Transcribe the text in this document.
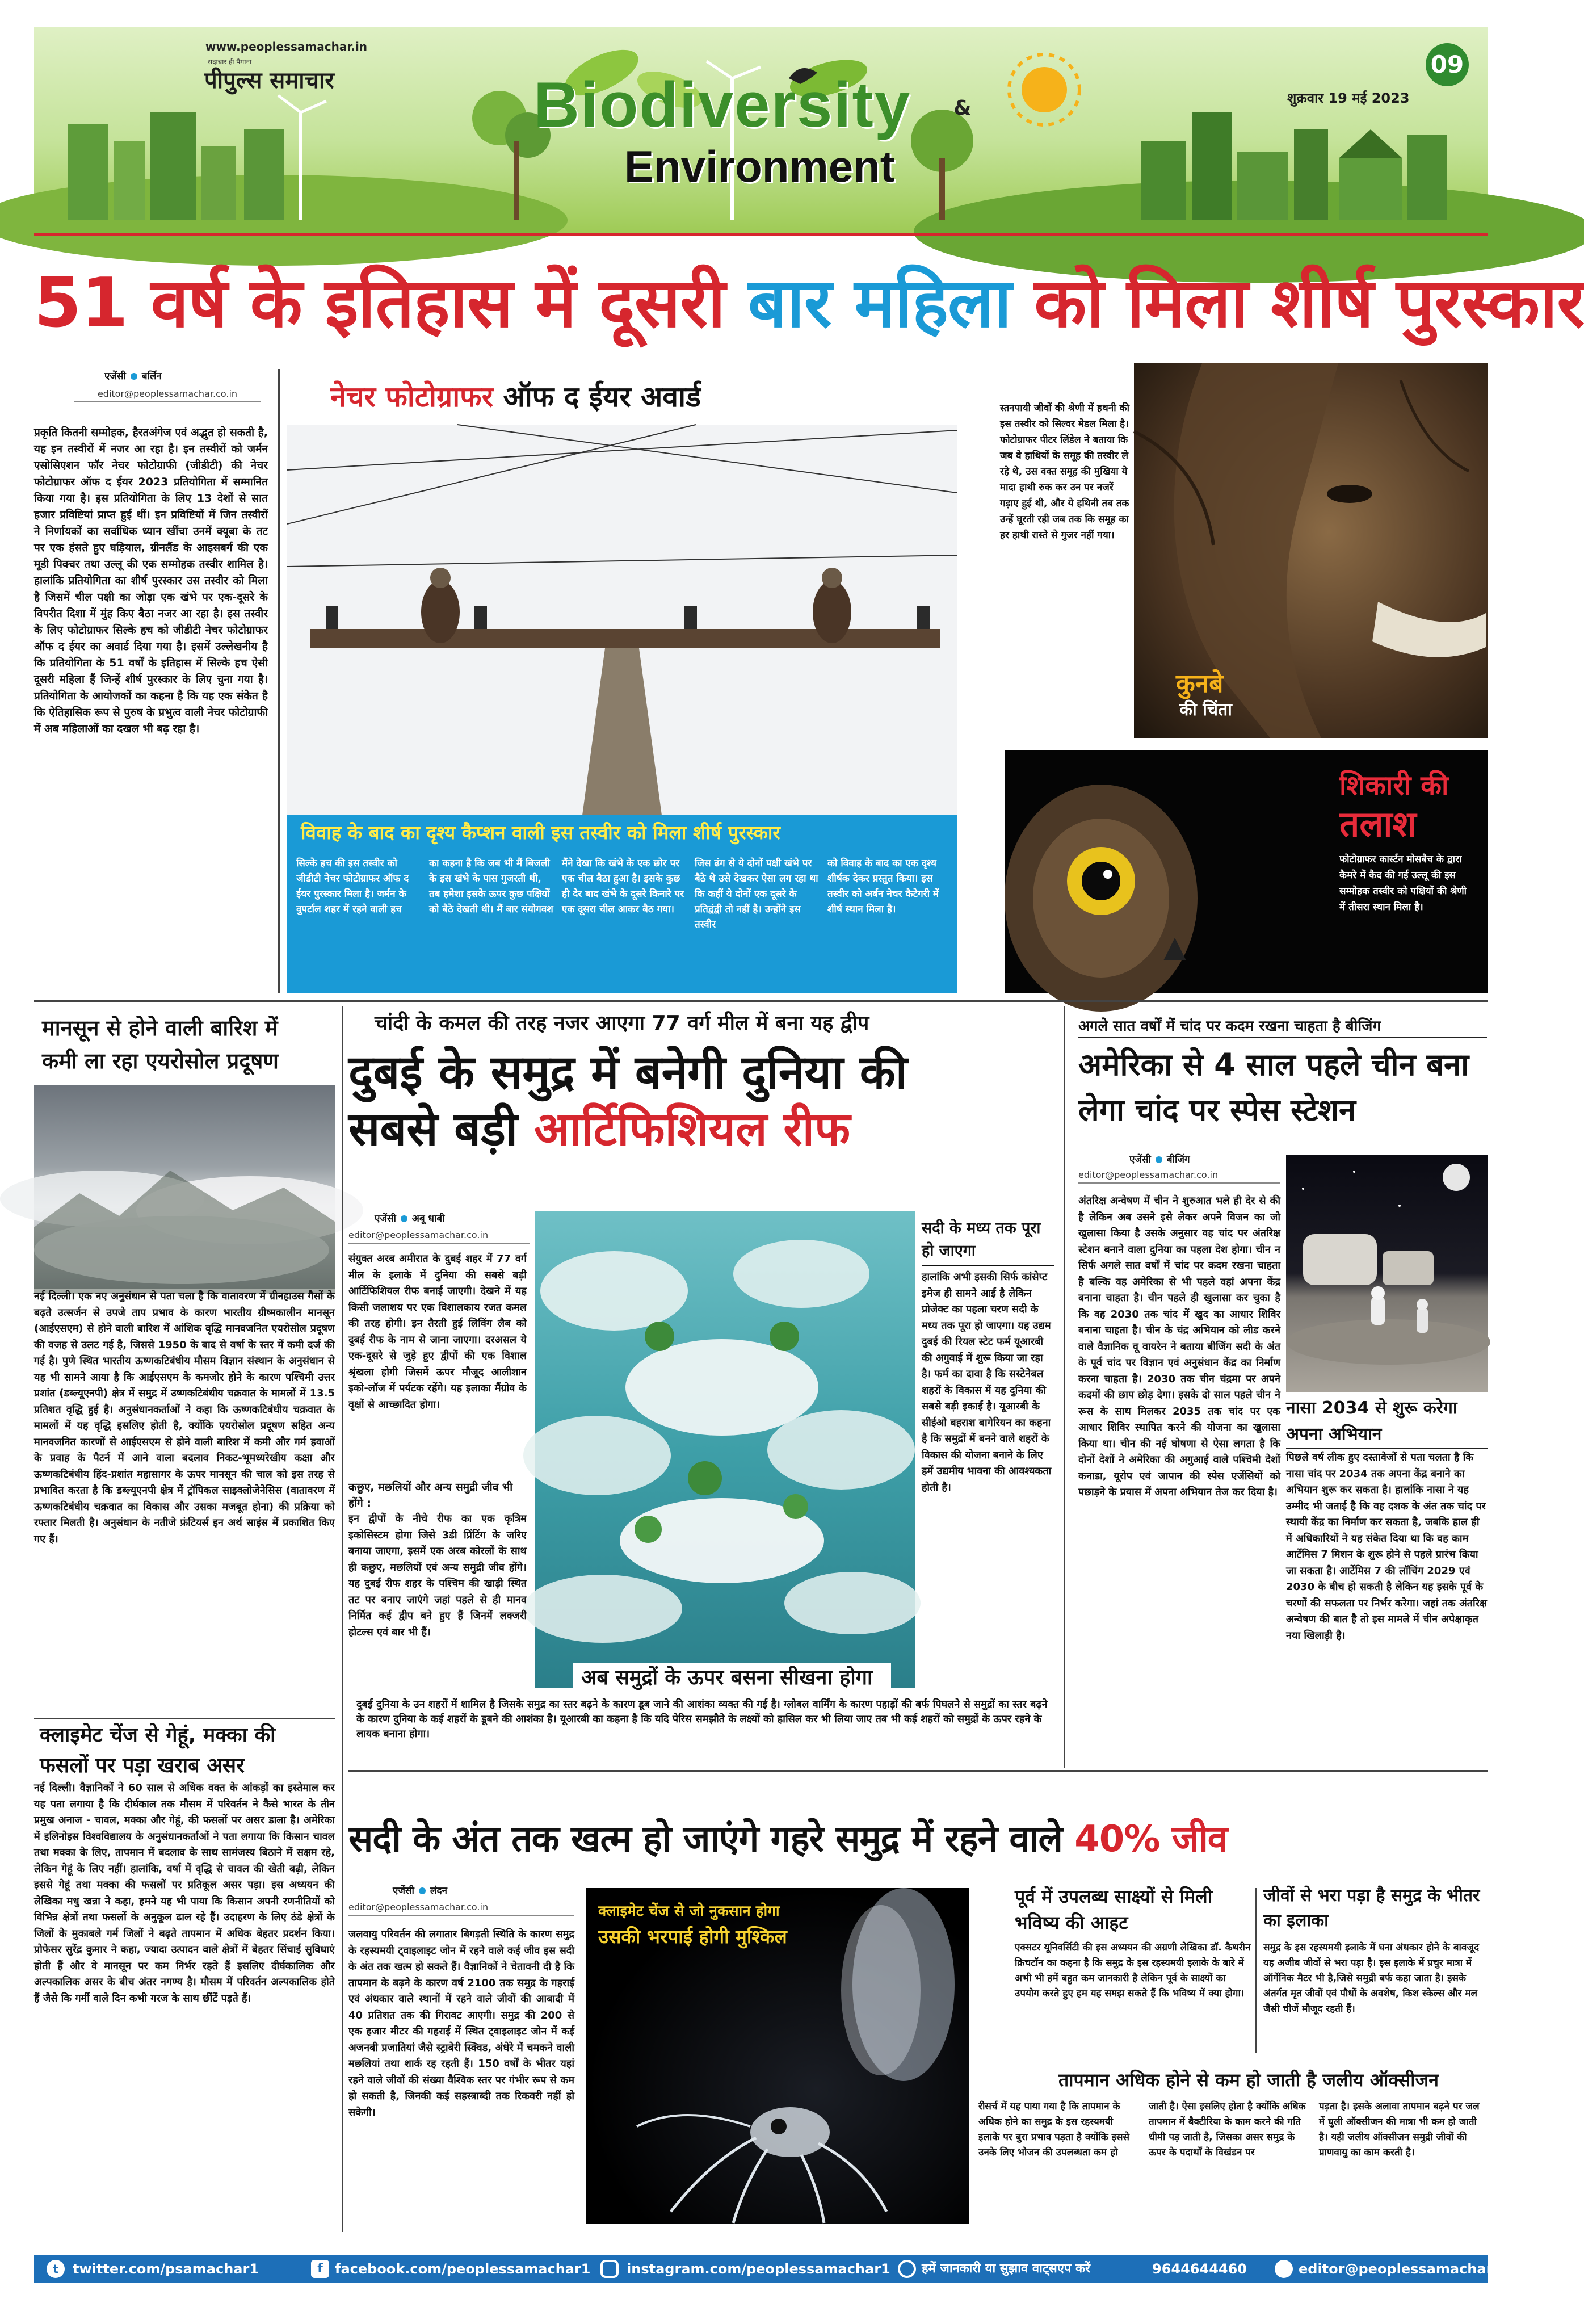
www.peoplessamachar.in
सदाचार ही पैमाना
पीपुल्स समाचार	Biodiversity &
Environment
09
शुक्रवार 19 मई 2023
51 वर्ष के इतिहास में दूसरी बार महिला को मिला शीर्ष पुरस्कार
एजेंसी बर्लिन
editor@peoplessamachar.co.in
प्रकृति कितनी सम्मोहक, हैरतअंगेज एवं अद्भुत हो सकती है, यह इन तस्वीरों में नजर आ रहा है। इन तस्वीरों को जर्मन एसोसिएशन फॉर नेचर फोटोग्राफी (जीडीटी) की नेचर फोटोग्राफर ऑफ द ईयर 2023 प्रतियोगिता में सम्मानित किया गया है। इस प्रतियोगिता के लिए 13 देशों से सात हजार प्रविष्टियां प्राप्त हुई थीं। इन प्रविष्टियों में जिन तस्वीरों ने निर्णायकों का सर्वाधिक ध्यान खींचा उनमें क्यूबा के तट पर एक हंसते हुए घड़ियाल, ग्रीनलैंड के आइसबर्ग की एक मूडी पिक्चर तथा उल्लू की एक सम्मोहक तस्वीर शामिल है। हालांकि प्रतियोगिता का शीर्ष पुरस्कार उस तस्वीर को मिला है जिसमें चील पक्षी का जोड़ा एक खंभे पर एक-दूसरे के विपरीत दिशा में मुंह किए बैठा नजर आ रहा है। इस तस्वीर के लिए फोटोग्राफर सिल्के हच को जीडीटी नेचर फोटोग्राफर ऑफ द ईयर का अवार्ड दिया गया है। इसमें उल्लेखनीय है कि प्रतियोगिता के 51 वर्षों के इतिहास में सिल्के हच ऐसी दूसरी महिला हैं जिन्हें शीर्ष पुरस्कार के लिए चुना गया है। प्रतियोगिता के आयोजकों का कहना है कि यह एक संकेत है कि ऐतिहासिक रूप से पुरुष के प्रभुत्व वाली नेचर फोटोग्राफी में अब महिलाओं का दखल भी बढ़ रहा है।
नेचर फोटोग्राफर ऑफ द ईयर अवार्ड
विवाह के बाद का दृश्य कैप्शन वाली इस तस्वीर को मिला शीर्ष पुरस्कार
सिल्के हच की इस तस्वीर को जीडीटी नेचर फोटोग्राफर ऑफ द ईयर पुरस्कार मिला है। जर्मन के वुपर्टाल शहर में रहने वाली हच
का कहना है कि जब भी मैं बिजली के इस खंभे के पास गुजरती थी, तब हमेशा इसके ऊपर कुछ पक्षियों को बैठे देखती थी। मैं बार संयोगवश
मैंने देखा कि खंभे के एक छोर पर एक चील बैठा हुआ है। इसके कुछ ही देर बाद खंभे के दूसरे किनारे पर एक दूसरा चील आकर बैठ गया।
जिस ढंग से ये दोनों पक्षी खंभे पर बैठे थे उसे देखकर ऐसा लग रहा था कि कहीं ये दोनों एक दूसरे के प्रतिद्वंद्वी तो नहीं है। उन्होंने इस तस्वीर
को विवाह के बाद का एक दृश्य शीर्षक देकर प्रस्तुत किया। इस तस्वीर को अर्बन नेचर कैटेगरी में शीर्ष स्थान मिला है।
स्तनपायी जीवों की श्रेणी में हथनी की इस तस्वीर को सिल्वर मेडल मिला है। फोटोग्राफर पीटर लिंडेल ने बताया कि जब वे हाथियों के समूह की तस्वीर ले रहे थे, उस वक्त समूह की मुखिया ये मादा हाथी रुक कर उन पर नजरें गड़ाए हुई थी, और ये हथिनी तब तक उन्हें घूरती रही जब तक कि समूह का हर हाथी रास्ते से गुजर नहीं गया।
कुनबे
की चिंता
शिकारी की
तलाश
फोटोग्राफर कार्स्टन मोसबैच के द्वारा कैमरे में कैद की गई उल्लू की इस सम्मोहक तस्वीर को पक्षियों की श्रेणी में तीसरा स्थान मिला है।
मानसून से होने वाली बारिश में कमी ला रहा एयरोसोल प्रदूषण
नई दिल्ली। एक नए अनुसंधान से पता चला है कि वातावरण में ग्रीनहाउस गैसों के बढ़ते उत्सर्जन से उपजे ताप प्रभाव के कारण भारतीय ग्रीष्मकालीन मानसून (आईएसएम) से होने वाली बारिश में आंशिक वृद्धि मानवजनित एयरोसोल प्रदूषण की वजह से उलट गई है, जिससे 1950 के बाद से वर्षा के स्तर में कमी दर्ज की गई है। पुणे स्थित भारतीय ऊष्णकटिबंधीय मौसम विज्ञान संस्थान के अनुसंधान से यह भी सामने आया है कि आईएसएम के कमजोर होने के कारण पश्चिमी उत्तर प्रशांत (डब्ल्यूएनपी) क्षेत्र में समुद्र में उष्णकटिबंधीय चक्रवात के मामलों में 13.5 प्रतिशत वृद्धि हुई है। अनुसंधानकर्ताओं ने कहा कि ऊष्णकटिबंधीय चक्रवात के मामलों में यह वृद्धि इसलिए होती है, क्योंकि एयरोसोल प्रदूषण सहित अन्य मानवजनित कारणों से आईएसएम से होने वाली बारिश में कमी और गर्म हवाओं के प्रवाह के पैटर्न में आने वाला बदलाव निकट-भूमध्यरेखीय कक्षा और ऊष्णकटिबंधीय हिंद-प्रशांत महासागर के ऊपर मानसून की चाल को इस तरह से प्रभावित करता है कि डब्ल्यूएनपी क्षेत्र में ट्रॉपिकल साइक्लोजेनेसिस (वातावरण में ऊष्णकटिबंधीय चक्रवात का विकास और उसका मजबूत होना) की प्रक्रिया को रफ्तार मिलती है। अनुसंधान के नतीजे फ्रंटियर्स इन अर्थ साइंस में प्रकाशित किए गए हैं।
क्लाइमेट चेंज से गेहूं, मक्का की फसलों पर पड़ा खराब असर
नई दिल्ली। वैज्ञानिकों ने 60 साल से अधिक वक्त के आंकड़ों का इस्तेमाल कर यह पता लगाया है कि दीर्घकाल तक मौसम में परिवर्तन ने कैसे भारत के तीन प्रमुख अनाज - चावल, मक्का और गेहूं, की फसलों पर असर डाला है। अमेरिका में इलिनोइस विश्वविद्यालय के अनुसंधानकर्ताओं ने पता लगाया कि किसान चावल तथा मक्का के लिए, तापमान में बदलाव के साथ सामंजस्य बिठाने में सक्षम रहे, लेकिन गेहूं के लिए नहीं। हालांकि, वर्षा में वृद्धि से चावल की खेती बढ़ी, लेकिन इससे गेहूं तथा मक्का की फसलों पर प्रतिकूल असर पड़ा। इस अध्ययन की लेखिका मधु खन्ना ने कहा, हमने यह भी पाया कि किसान अपनी रणनीतियों को विभिन्न क्षेत्रों तथा फसलों के अनुकूल ढाल रहे हैं। उदाहरण के लिए ठंडे क्षेत्रों के जिलों के मुकाबले गर्म जिलों ने बढ़ते तापमान में अधिक बेहतर प्रदर्शन किया। प्रोफेसर सुरेंद्र कुमार ने कहा, ज्यादा उत्पादन वाले क्षेत्रों में बेहतर सिंचाई सुविधाएं होती हैं और वे मानसून पर कम निर्भर रहते हैं इसलिए दीर्घकालिक और अल्पकालिक असर के बीच अंतर नगण्य है। मौसम में परिवर्तन अल्पकालिक होते हैं जैसे कि गर्मी वाले दिन कभी गरज के साथ छींटें पड़ते हैं।
चांदी के कमल की तरह नजर आएगा 77 वर्ग मील में बना यह द्वीप
दुबई के समुद्र में बनेगी दुनिया की
सबसे बड़ी आर्टिफिशियल रीफ
एजेंसी अबू धाबी
editor@peoplessamachar.co.in
संयुक्त अरब अमीरात के दुबई शहर में 77 वर्ग मील के इलाके में दुनिया की सबसे बड़ी आर्टिफिशियल रीफ बनाई जाएगी। देखने में यह किसी जलाशय पर एक विशालकाय रजत कमल की तरह होगी। इन तैरती हुई लिविंग लैब को दुबई रीफ के नाम से जाना जाएगा। दरअसल ये एक-दूसरे से जुड़े हुए द्वीपों की एक विशाल श्रृंखला होगी जिसमें ऊपर मौजूद आलीशान इको-लॉज में पर्यटक रहेंगे। यह इलाका मैंग्रोव के वृक्षों से आच्छादित होगा।
कछुए, मछलियों और अन्य समुद्री जीव भी होंगे :
इन द्वीपों के नीचे रीफ का एक कृत्रिम इकोसिस्टम होगा जिसे 3डी प्रिंटिंग के जरिए बनाया जाएगा, इसमें एक अरब कोरलों के साथ ही कछुए, मछलियों एवं अन्य समुद्री जीव होंगे। यह दुबई रीफ शहर के पश्चिम की खाड़ी स्थित तट पर बनाए जाएंगे जहां पहले से ही मानव निर्मित कई द्वीप बने हुए हैं जिनमें लक्जरी होटल्स एवं बार भी हैं।
सदी के मध्य तक पूरा हो जाएगा
हालांकि अभी इसकी सिर्फ कांसेप्ट इमेज ही सामने आई है लेकिन प्रोजेक्ट का पहला चरण सदी के मध्य तक पूरा हो जाएगा। यह उद्यम दुबई की रियल स्टेट फर्म यूआरबी की अगुवाई में शुरू किया जा रहा है। फर्म का दावा है कि सस्टेनेबल शहरों के विकास में यह दुनिया की सबसे बड़ी इकाई है। यूआरबी के सीईओ बहराश बागेरियन का कहना है कि समुद्रों में बनने वाले शहरों के विकास की योजना बनाने के लिए हमें उद्यमीय भावना की आवश्यकता होती है।
अब समुद्रों के ऊपर बसना सीखना होगा
दुबई दुनिया के उन शहरों में शामिल है जिसके समुद्र का स्तर बढ़ने के कारण डूब जाने की आशंका व्यक्त की गई है। ग्लोबल वार्मिंग के कारण पहाड़ों की बर्फ पिघलने से समुद्रों का स्तर बढ़ने के कारण दुनिया के कई शहरों के डूबने की आशंका है। यूआरबी का कहना है कि यदि पेरिस समझौते के लक्ष्यों को हासिल कर भी लिया जाए तब भी कई शहरों को समुद्रों के ऊपर रहने के लायक बनाना होगा।
अगले सात वर्षों में चांद पर कदम रखना चाहता है बीजिंग
अमेरिका से 4 साल पहले चीन बना लेगा चांद पर स्पेस स्टेशन
एजेंसी बीजिंग
editor@peoplessamachar.co.in
अंतरिक्ष अन्वेषण में चीन ने शुरुआत भले ही देर से की है लेकिन अब उसने इसे लेकर अपने विजन का जो खुलासा किया है उसके अनुसार वह चांद पर अंतरिक्ष स्टेशन बनाने वाला दुनिया का पहला देश होगा। चीन न सिर्फ अगले सात वर्षों में चांद पर कदम रखना चाहता है बल्कि वह अमेरिका से भी पहले वहां अपना केंद्र बनाना चाहता है। चीन पहले ही खुलासा कर चुका है कि वह 2030 तक चांद में खुद का आधार शिविर बनाना चाहता है। चीन के चंद्र अभियान को लीड करने वाले वैज्ञानिक वू वायरेन ने बताया बीजिंग सदी के अंत के पूर्व चांद पर विज्ञान एवं अनुसंधान केंद्र का निर्माण करना चाहता है। 2030 तक चीन चंद्रमा पर अपने कदमों की छाप छोड़ देगा। इसके दो साल पहले चीन ने रूस के साथ मिलकर 2035 तक चांद पर एक आधार शिविर स्थापित करने की योजना का खुलासा किया था। चीन की नई घोषणा से ऐसा लगता है कि दोनों देशों ने अमेरिका की अगुआई वाले पश्चिमी देशों कनाडा, यूरोप एवं जापान की स्पेस एजेंसियों को पछाड़ने के प्रयास में अपना अभियान तेज कर दिया है।
नासा 2034 से शुरू करेगा अपना अभियान
पिछले वर्ष लीक हुए दस्तावेजों से पता चलता है कि नासा चांद पर 2034 तक अपना केंद्र बनाने का अभियान शुरू कर सकता है। हालांकि नासा ने यह उम्मीद भी जताई है कि वह दशक के अंत तक चांद पर स्थायी केंद्र का निर्माण कर सकता है, जबकि हाल ही में अधिकारियों ने यह संकेत दिया था कि वह काम आर्टेमिस 7 मिशन के शुरू होने से पहले प्रारंभ किया जा सकता है। आर्टेमिस 7 की लॉचिंग 2029 एवं 2030 के बीच हो सकती है लेकिन यह इसके पूर्व के चरणों की सफलता पर निर्भर करेगा। जहां तक अंतरिक्ष अन्वेषण की बात है तो इस मामले में चीन अपेक्षाकृत नया खिलाड़ी है।
सदी के अंत तक खत्म हो जाएंगे गहरे समुद्र में रहने वाले 40% जीव
एजेंसी लंदन
editor@peoplessamachar.co.in
जलवायु परिवर्तन की लगातार बिगड़ती स्थिति के कारण समुद्र के रहस्यमयी ट्वाइलाइट जोन में रहने वाले कई जीव इस सदी के अंत तक खत्म हो सकते हैं। वैज्ञानिकों ने चेतावनी दी है कि तापमान के बढ़ने के कारण वर्ष 2100 तक समुद्र के गहराई एवं अंधकार वाले स्थानों में रहने वाले जीवों की आबादी में 40 प्रतिशत तक की गिरावट आएगी। समुद्र की 200 से एक हजार मीटर की गहराई में स्थित ट्वाइलाइट जोन में कई अजनबी प्रजातियां जैसे स्ट्राबेरी स्क्विड, अंधेरे में चमकने वाली मछलियां तथा शार्क रह रहती हैं। 150 वर्षों के भीतर यहां रहने वाले जीवों की संख्या वैश्विक स्तर पर गंभीर रूप से कम हो सकती है, जिनकी कई सहस्त्राब्दी तक रिकवरी नहीं हो सकेगी।
क्लाइमेट चेंज से जो नुकसान होगा
उसकी भरपाई होगी मुश्किल
पूर्व में उपलब्ध साक्ष्यों से मिली भविष्य की आहट
एक्सटर यूनिवर्सिटी की इस अध्ययन की अग्रणी लेखिका डॉ. कैथरीन क्रिचटॉन का कहना है कि समुद्र के इस रहस्यमयी इलाके के बारे में अभी भी हमें बहुत कम जानकारी है लेकिन पूर्व के साक्ष्यों का उपयोग करते हुए हम यह समझ सकते हैं कि भविष्य में क्या होगा।
जीवों से भरा पड़ा है समुद्र के भीतर का इलाका
समुद्र के इस रहस्यमयी इलाके में घना अंधकार होने के बावजूद यह अजीब जीवों से भरा पड़ा है। इस इलाके में प्रचुर मात्रा में ऑर्गेनिक मैटर भी है,जिसे समुद्री बर्फ कहा जाता है। इसके अंतर्गत मृत जीवों एवं पौधों के अवशेष, किश स्केल्स और मल जैसी चीजें मौजूद रहती हैं।
तापमान अधिक होने से कम हो जाती है जलीय ऑक्सीजन
रीसर्च में यह पाया गया है कि तापमान के अधिक होने का समुद्र के इस रहस्यमयी इलाके पर बुरा प्रभाव पड़ता है क्योंकि इससे उनके लिए भोजन की उपलब्धता कम हो
जाती है। ऐसा इसलिए होता है क्योंकि अधिक तापमान में बैक्टीरिया के काम करने की गति धीमी पड़ जाती है, जिसका असर समुद्र के ऊपर के पदार्थों के विखंडन पर
पड़ता है। इसके अलावा तापमान बढ़ने पर जल में घुली ऑक्सीजन की मात्रा भी कम हो जाती है। यही जलीय ऑक्सीजन समुद्री जीवों की प्राणवायु का काम करती है।
t	twitter.com/psamachar1	f facebook.com/peoplessamachar1	instagram.com/peoplessamachar1	हमें जानकारी या सुझाव वाट्सएप करें	9644644460	editor@peoplessamachar.co.in
